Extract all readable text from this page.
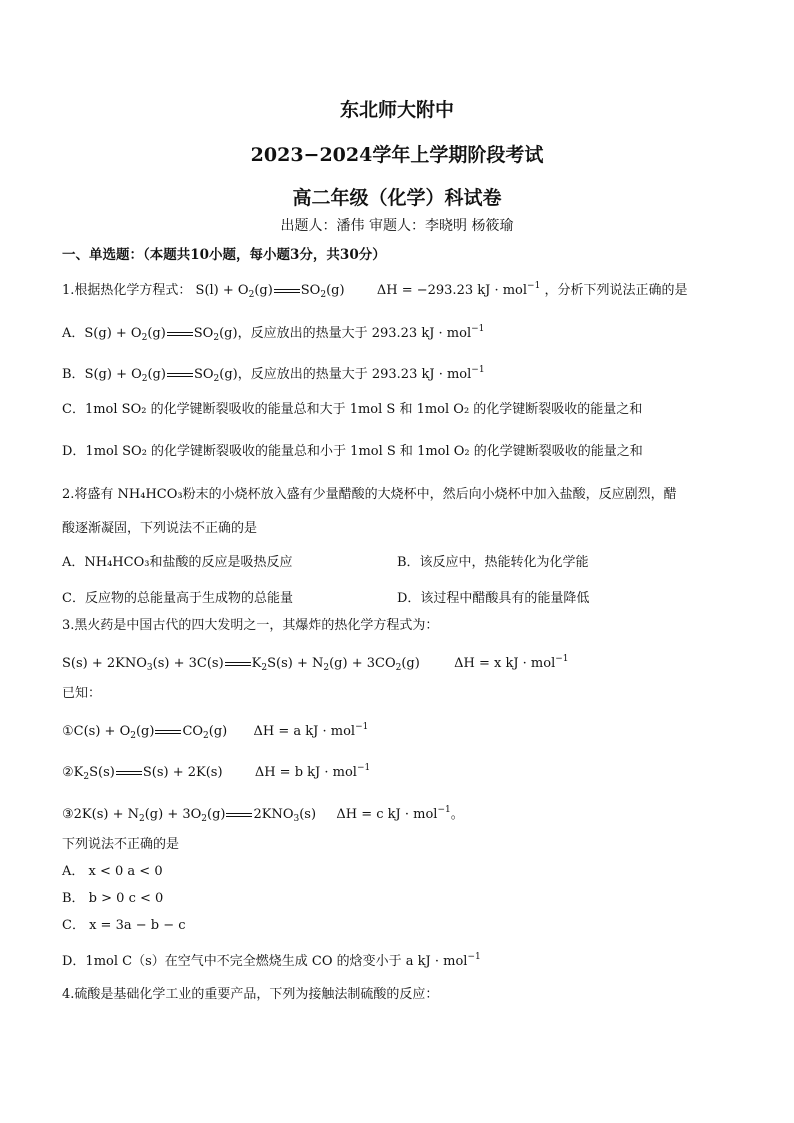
东北师大附中
2023−2024学年上学期阶段考试
高二年级（化学）科试卷
出题人：潘伟 审题人：李晓明 杨筱瑜
一、单选题：（本题共10小题，每小题3分，共30分）
1.根据热化学方程式： $S(l) + O_2(g)$ $SO_2(g) \Delta H = -293.23$ kJ · mol$^{-1}$ ，分析下列说法正确的是
A．$S(g) + O_2(g)$ $SO_2(g)$，反应放出的热量大于 293.23 kJ · mol$^{-1}$
B．$S(g) + O_2(g)$ $SO_2(g)$，反应放出的热量大于 293.23 kJ · mol$^{-1}$
C．1mol SO₂ 的化学键断裂吸收的能量总和大于 1mol S 和 1mol O₂ 的化学键断裂吸收的能量之和
D．1mol SO₂ 的化学键断裂吸收的能量总和小于 1mol S 和 1mol O₂ 的化学键断裂吸收的能量之和
2.将盛有 NH₄HCO₃粉末的小烧杯放入盛有少量醋酸的大烧杯中，然后向小烧杯中加入盐酸，反应剧烈，醋
酸逐渐凝固，下列说法不正确的是
A．NH₄HCO₃和盐酸的反应是吸热反应	B．该反应中，热能转化为化学能
C．反应物的总能量高于生成物的总能量	D．该过程中醋酸具有的能量降低
3.黑火药是中国古代的四大发明之一，其爆炸的热化学方程式为：
$S(s) + 2KNO_3(s) + 3C(s) K_2S(s) + N_2(g) + 3CO_2(g)$	ΔH = x kJ · mol$^{-1}$
已知：
①C(s) + $O_2(g)$ $CO_2(g) \Delta H = a$ kJ · mol$^{-1}$
$②K_2S(s) S(s) + 2K(s) \Delta H = b$ kJ · mol$^{-1}$
③2K(s) + $N_2(g) + 3O_2(g)$ $2KNO_3(s) \Delta H = c$ kJ · mol$^{-1}$。
下列说法不正确的是
A． x < 0 a < 0
B． b > 0 c < 0
C． x = 3a − b − c
D．1mol C（s）在空气中不完全燃烧生成 CO 的焓变小于 a kJ · mol$^{-1}$
4.硫酸是基础化学工业的重要产品，下列为接触法制硫酸的反应：
